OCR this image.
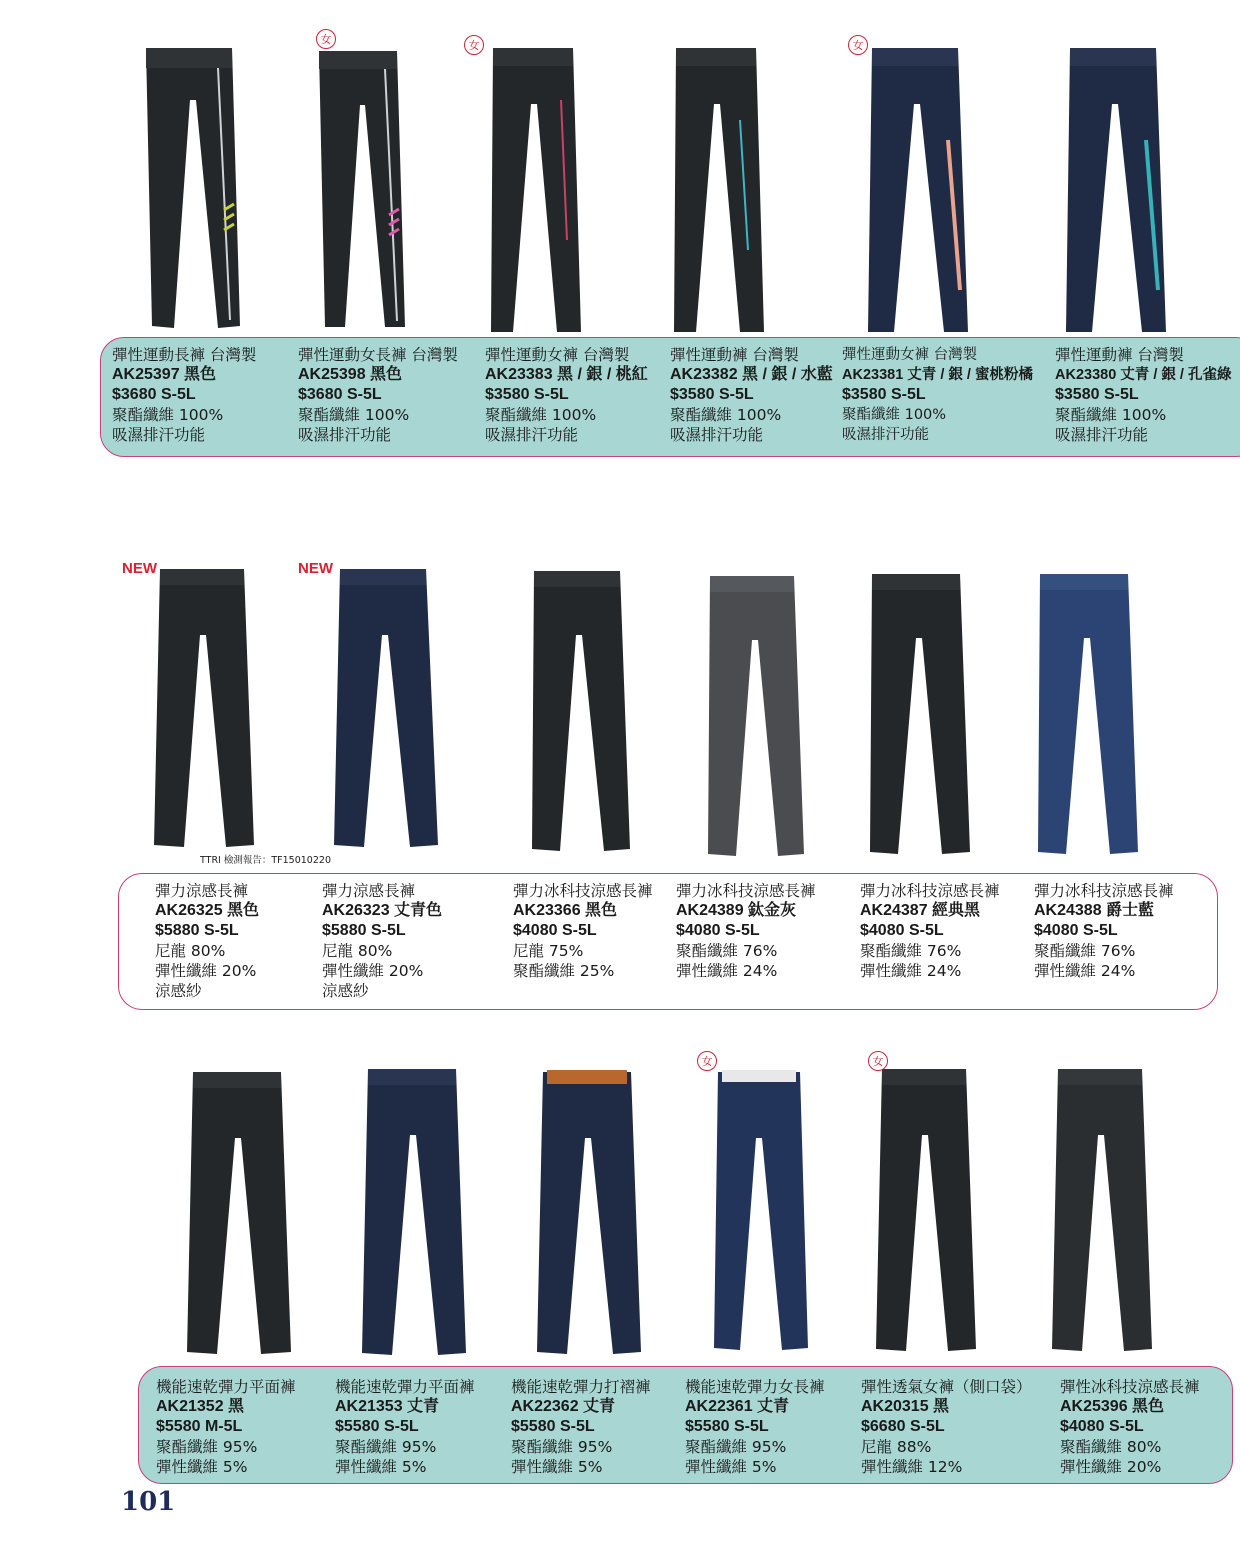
女	女	女
彈性運動長褲 台灣製
AK25397 黑色
$3680 S-5L
聚酯纖維 100%
吸濕排汗功能
彈性運動女長褲 台灣製
AK25398 黑色
$3680 S-5L
聚酯纖維 100%
吸濕排汗功能
彈性運動女褲 台灣製
AK23383 黑 / 銀 / 桃紅
$3580 S-5L
聚酯纖維 100%
吸濕排汗功能
彈性運動褲 台灣製
AK23382 黑 / 銀 / 水藍
$3580 S-5L
聚酯纖維 100%
吸濕排汗功能
彈性運動女褲 台灣製
AK23381 丈青 / 銀 / 蜜桃粉橘
$3580 S-5L
聚酯纖維 100%
吸濕排汗功能
彈性運動褲 台灣製
AK23380 丈青 / 銀 / 孔雀綠
$3580 S-5L
聚酯纖維 100%
吸濕排汗功能
NEW	NEW
TTRI 檢測報告：TF15010220
彈力涼感長褲
AK26325 黑色
$5880 S-5L
尼龍 80%
彈性纖維 20%
涼感紗
彈力涼感長褲
AK26323 丈青色
$5880 S-5L
尼龍 80%
彈性纖維 20%
涼感紗
彈力冰科技涼感長褲
AK23366 黑色
$4080 S-5L
尼龍 75%
聚酯纖維 25%
彈力冰科技涼感長褲
AK24389 鈦金灰
$4080 S-5L
聚酯纖維 76%
彈性纖維 24%
彈力冰科技涼感長褲
AK24387 經典黑
$4080 S-5L
聚酯纖維 76%
彈性纖維 24%
彈力冰科技涼感長褲
AK24388 爵士藍
$4080 S-5L
聚酯纖維 76%
彈性纖維 24%
女	女
機能速乾彈力平面褲
AK21352 黑
$5580 M-5L
聚酯纖維 95%
彈性纖維 5%
機能速乾彈力平面褲
AK21353 丈青
$5580 S-5L
聚酯纖維 95%
彈性纖維 5%
機能速乾彈力打褶褲
AK22362 丈青
$5580 S-5L
聚酯纖維 95%
彈性纖維 5%
機能速乾彈力女長褲
AK22361 丈青
$5580 S-5L
聚酯纖維 95%
彈性纖維 5%
彈性透氣女褲（側口袋）
AK20315 黑
$6680 S-5L
尼龍 88%
彈性纖維 12%
彈性冰科技涼感長褲
AK25396 黑色
$4080 S-5L
聚酯纖維 80%
彈性纖維 20%
101
